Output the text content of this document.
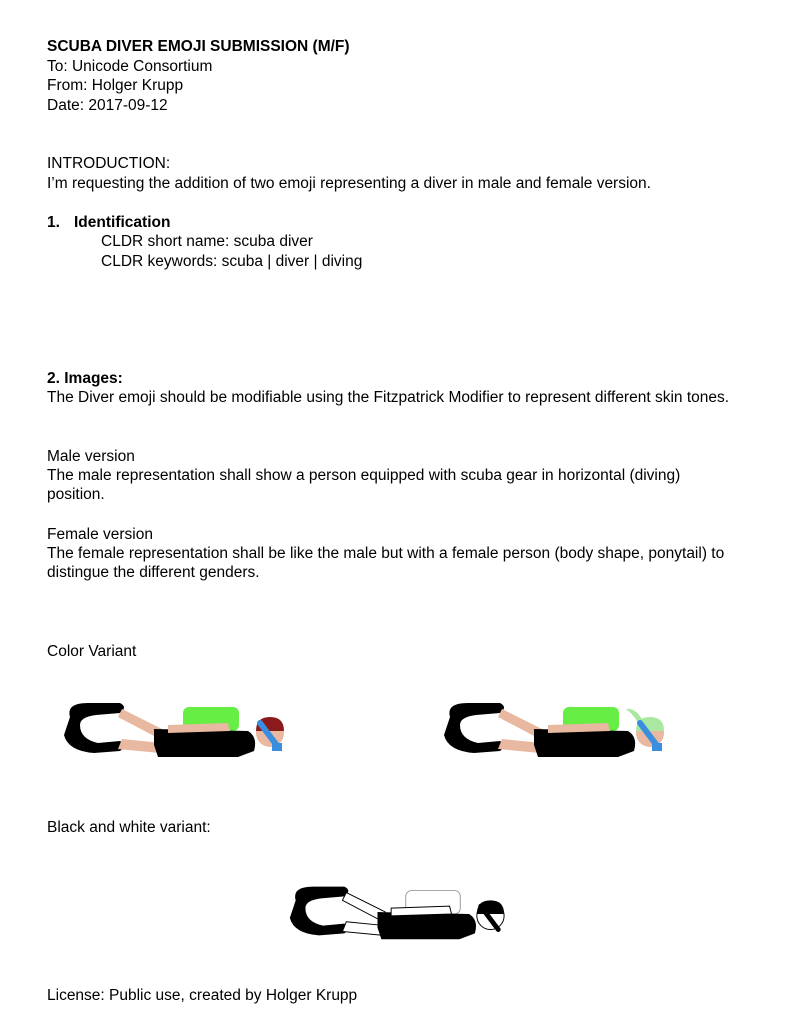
SCUBA DIVER EMOJI SUBMISSION (M/F)
To: Unicode Consortium
From: Holger Krupp
Date: 2017-09-12
INTRODUCTION:
I’m requesting the addition of two emoji representing a diver in male and female version.
1. Identification
CLDR short name: scuba diver
CLDR keywords: scuba | diver | diving
2. Images:
The Diver emoji should be modifiable using the Fitzpatrick Modifier to represent different skin tones.
Male version
The male representation shall show a person equipped with scuba gear in horizontal (diving) position.
Female version
The female representation shall be like the male but with a female person (body shape, ponytail) to distingue the different genders.
Color Variant
Black and white variant:
License: Public use, created by Holger Krupp
